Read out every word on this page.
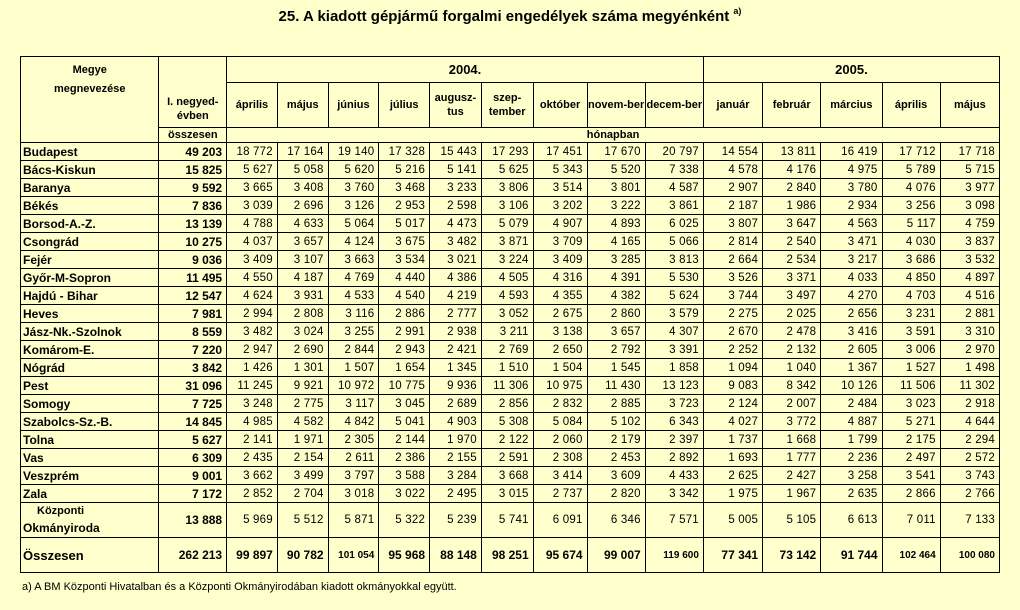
25. A kiadott gépjármű forgalmi engedélyek száma megyénként $^{a)}$
Megye
megnevezése	I. negyed-évben	2004.									2005.				
		április	május	június	július	augusz-tus	szep-tember	október	novem-ber	decem-ber	január	február	március	április	május
	összesen	hónapban													
Budapest	49 203	18 772	17 164	19 140	17 328	15 443	17 293	17 451	17 670	20 797	14 554	13 811	16 419	17 712	17 718
Bács-Kiskun	15 825	5 627	5 058	5 620	5 216	5 141	5 625	5 343	5 520	7 338	4 578	4 176	4 975	5 789	5 715
Baranya	9 592	3 665	3 408	3 760	3 468	3 233	3 806	3 514	3 801	4 587	2 907	2 840	3 780	4 076	3 977
Békés	7 836	3 039	2 696	3 126	2 953	2 598	3 106	3 202	3 222	3 861	2 187	1 986	2 934	3 256	3 098
Borsod-A.-Z.	13 139	4 788	4 633	5 064	5 017	4 473	5 079	4 907	4 893	6 025	3 807	3 647	4 563	5 117	4 759
Csongrád	10 275	4 037	3 657	4 124	3 675	3 482	3 871	3 709	4 165	5 066	2 814	2 540	3 471	4 030	3 837
Fejér	9 036	3 409	3 107	3 663	3 534	3 021	3 224	3 409	3 285	3 813	2 664	2 534	3 217	3 686	3 532
Győr-M-Sopron	11 495	4 550	4 187	4 769	4 440	4 386	4 505	4 316	4 391	5 530	3 526	3 371	4 033	4 850	4 897
Hajdú - Bihar	12 547	4 624	3 931	4 533	4 540	4 219	4 593	4 355	4 382	5 624	3 744	3 497	4 270	4 703	4 516
Heves	7 981	2 994	2 808	3 116	2 886	2 777	3 052	2 675	2 860	3 579	2 275	2 025	2 656	3 231	2 881
Jász-Nk.-Szolnok	8 559	3 482	3 024	3 255	2 991	2 938	3 211	3 138	3 657	4 307	2 670	2 478	3 416	3 591	3 310
Komárom-E.	7 220	2 947	2 690	2 844	2 943	2 421	2 769	2 650	2 792	3 391	2 252	2 132	2 605	3 006	2 970
Nógrád	3 842	1 426	1 301	1 507	1 654	1 345	1 510	1 504	1 545	1 858	1 094	1 040	1 367	1 527	1 498
Pest	31 096	11 245	9 921	10 972	10 775	9 936	11 306	10 975	11 430	13 123	9 083	8 342	10 126	11 506	11 302
Somogy	7 725	3 248	2 775	3 117	3 045	2 689	2 856	2 832	2 885	3 723	2 124	2 007	2 484	3 023	2 918
Szabolcs-Sz.-B.	14 845	4 985	4 582	4 842	5 041	4 903	5 308	5 084	5 102	6 343	4 027	3 772	4 887	5 271	4 644
Tolna	5 627	2 141	1 971	2 305	2 144	1 970	2 122	2 060	2 179	2 397	1 737	1 668	1 799	2 175	2 294
Vas	6 309	2 435	2 154	2 611	2 386	2 155	2 591	2 308	2 453	2 892	1 693	1 777	2 236	2 497	2 572
Veszprém	9 001	3 662	3 499	3 797	3 588	3 284	3 668	3 414	3 609	4 433	2 625	2 427	3 258	3 541	3 743
Zala	7 172	2 852	2 704	3 018	3 022	2 495	3 015	2 737	2 820	3 342	1 975	1 967	2 635	2 866	2 766

Központi
Okmányiroda	13 888	5 969	5 512	5 871	5 322	5 239	5 741	6 091	6 346	7 571	5 005	5 105	6 613	7 011	7 133
Összesen	262 213	99 897	90 782	101 054	95 968	88 148	98 251	95 674	99 007	119 600	77 341	73 142	91 744	102 464	100 080
a) A BM Központi Hivatalban és a Központi Okmányirodában kiadott okmányokkal együtt.
